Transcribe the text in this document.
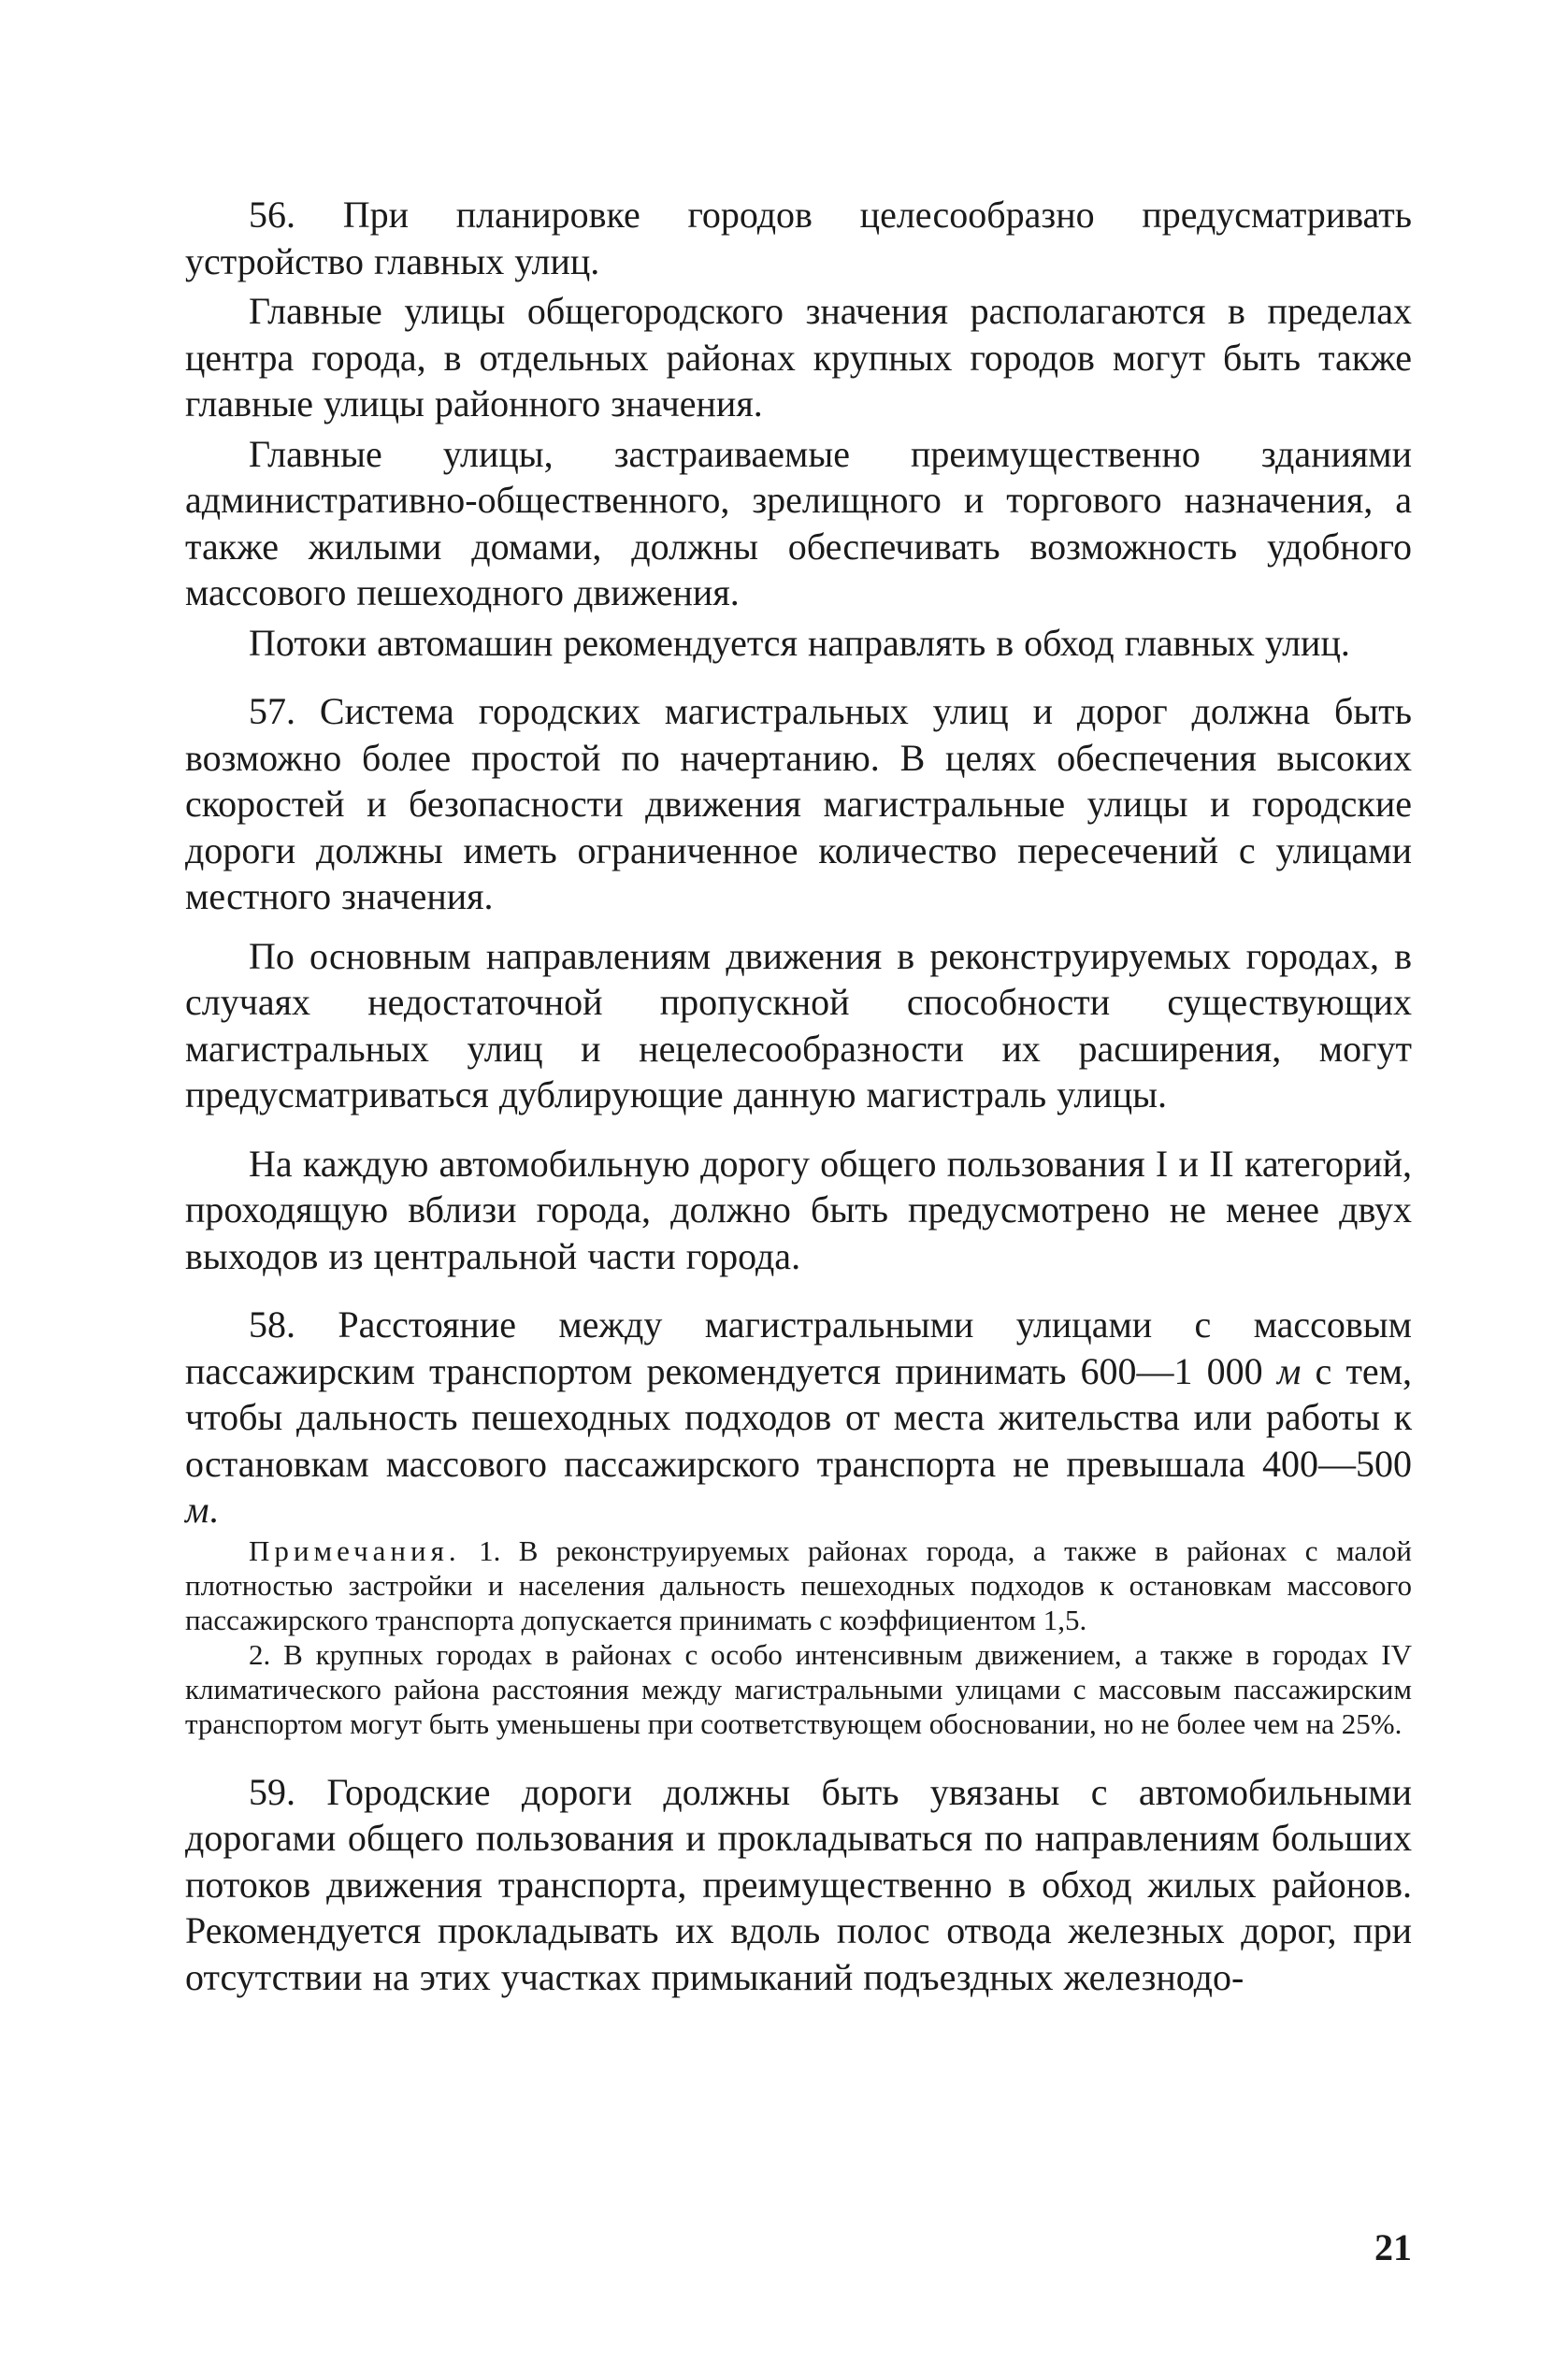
56. При планировке городов целесообразно предусматривать устройство главных улиц.

Главные улицы общегородского значения располагаются в пределах центра города, в отдельных районах крупных городов могут быть также главные улицы районного значения.

Главные улицы, застраиваемые преимущественно зданиями административно-общественного, зрелищного и торгового назначения, а также жилыми домами, должны обеспечивать возможность удобного массового пешеходного движения.

Потоки автомашин рекомендуется направлять в обход главных улиц.

57. Система городских магистральных улиц и дорог должна быть возможно более простой по начертанию. В целях обеспечения высоких скоростей и безопасности движения магистральные улицы и городские дороги должны иметь ограниченное количество пересечений с улицами местного значения.

По основным направлениям движения в реконструируемых городах, в случаях недостаточной пропускной способности существующих магистральных улиц и нецелесообразности их расширения, могут предусматриваться дублирующие данную магистраль улицы.

На каждую автомобильную дорогу общего пользования I и II категорий, проходящую вблизи города, должно быть предусмотрено не менее двух выходов из центральной части города.

58. Расстояние между магистральными улицами с массовым пассажирским транспортом рекомендуется принимать 600—1 000 м с тем, чтобы дальность пешеходных подходов от места жительства или работы к остановкам массового пассажирского транспорта не превышала 400—500 м.

Примечания. 1. В реконструируемых районах города, а также в районах с малой плотностью застройки и населения дальность пешеходных подходов к остановкам массового пассажирского транспорта допускается принимать с коэффициентом 1,5.

2. В крупных городах в районах с особо интенсивным движением, а также в городах IV климатического района расстояния между магистральными улицами с массовым пассажирским транспортом могут быть уменьшены при соответствующем обосновании, но не более чем на 25%.

59. Городские дороги должны быть увязаны с автомобильными дорогами общего пользования и прокладываться по направлениям больших потоков движения транспорта, преимущественно в обход жилых районов. Рекомендуется прокладывать их вдоль полос отвода железных дорог, при отсутствии на этих участках примыканий подъездных железнодо-

21
